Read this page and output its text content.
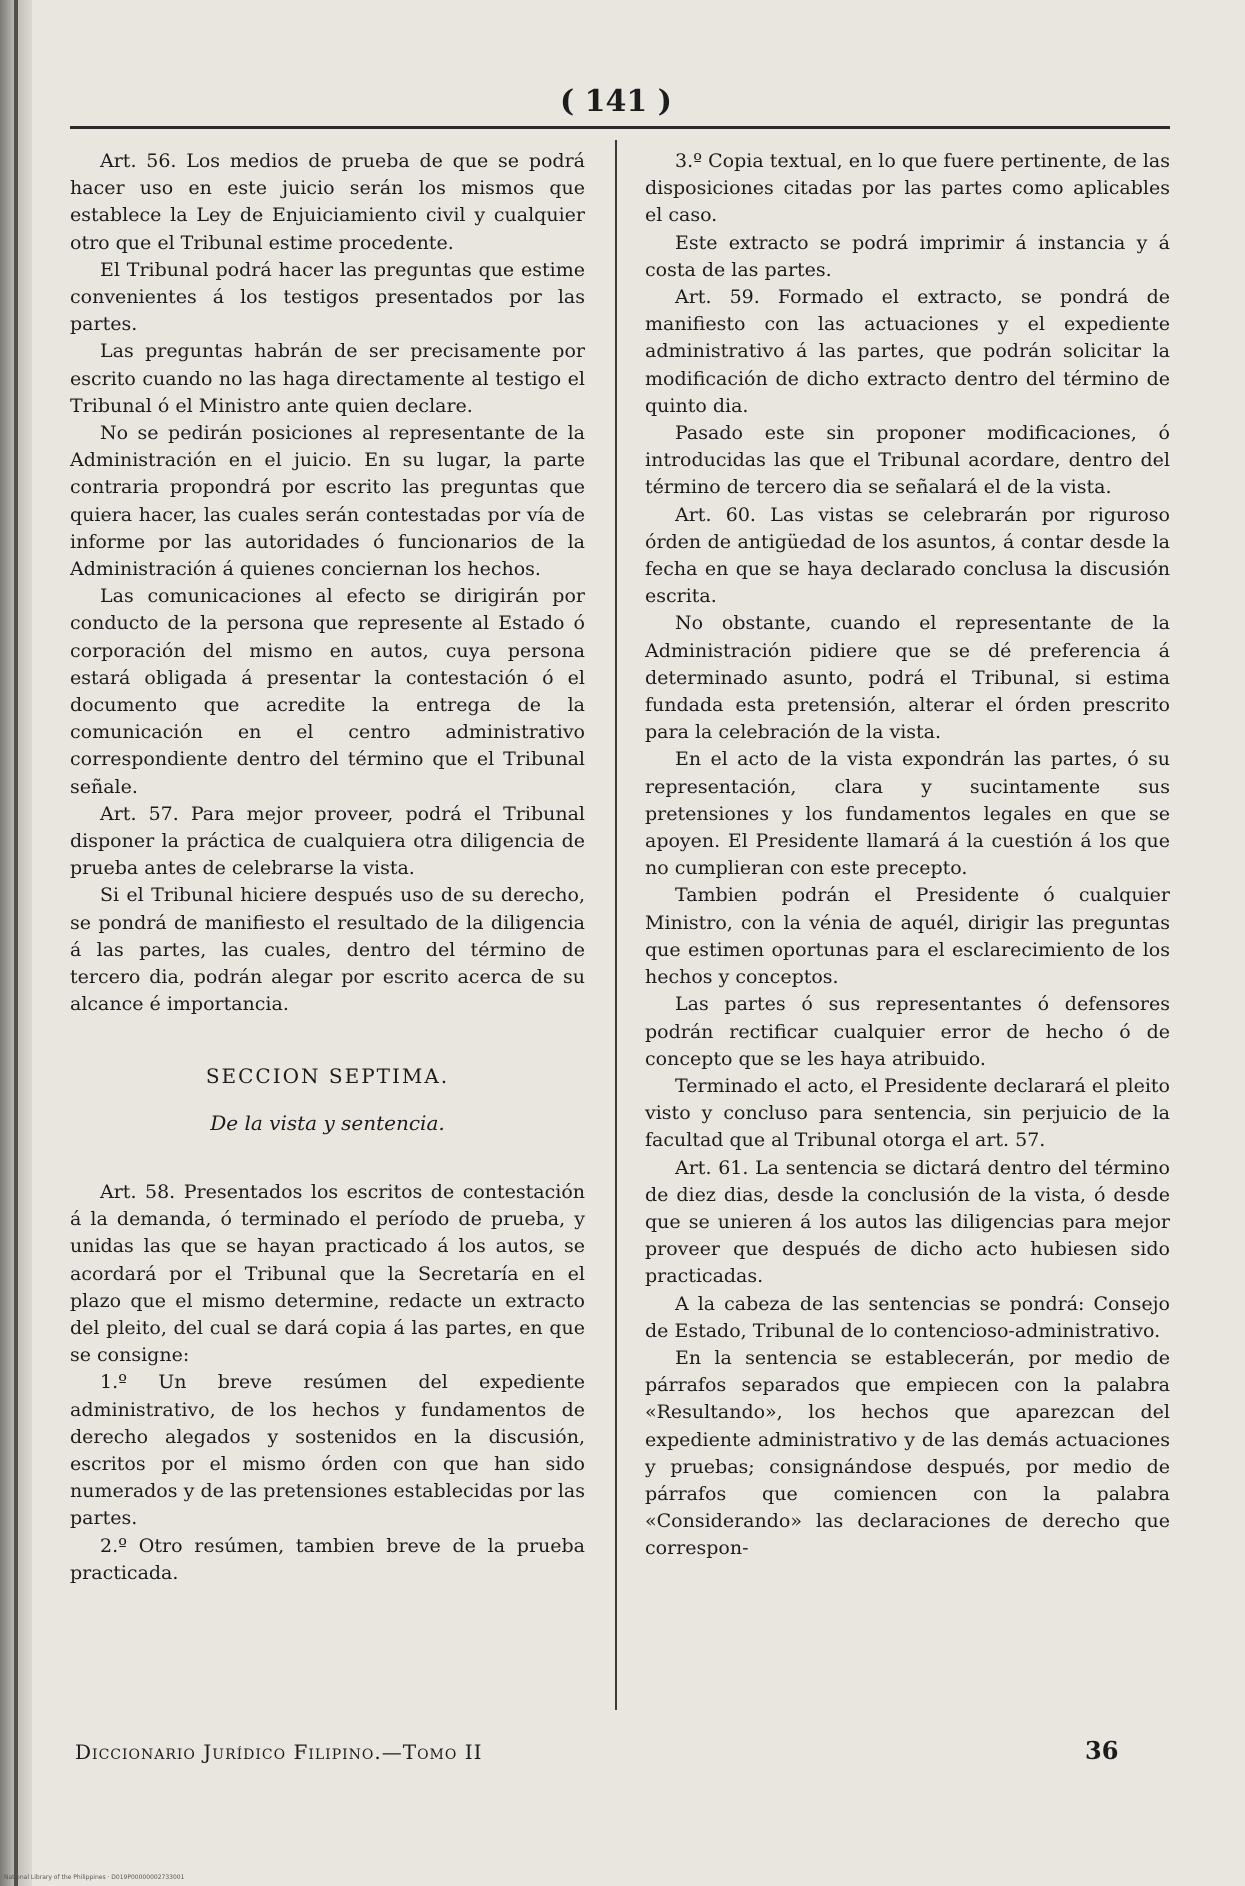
( 141 )

Art. 56. Los medios de prueba de que se podrá hacer uso en este juicio serán los mismos que establece la Ley de Enjuiciamiento civil y cualquier otro que el Tribunal estime procedente.

El Tribunal podrá hacer las preguntas que estime convenientes á los testigos presentados por las partes.

Las preguntas habrán de ser precisamente por escrito cuando no las haga directamente al testigo el Tribunal ó el Ministro ante quien declare.

No se pedirán posiciones al representante de la Administración en el juicio. En su lugar, la parte contraria propondrá por escrito las preguntas que quiera hacer, las cuales serán contestadas por vía de informe por las autoridades ó funcionarios de la Administración á quienes conciernan los hechos.

Las comunicaciones al efecto se dirigirán por conducto de la persona que represente al Estado ó corporación del mismo en autos, cuya persona estará obligada á presentar la contestación ó el documento que acredite la entrega de la comunicación en el centro administrativo correspondiente dentro del término que el Tribunal señale.

Art. 57. Para mejor proveer, podrá el Tribunal disponer la práctica de cualquiera otra diligencia de prueba antes de celebrarse la vista.

Si el Tribunal hiciere después uso de su derecho, se pondrá de manifiesto el resultado de la diligencia á las partes, las cuales, dentro del término de tercero dia, podrán alegar por escrito acerca de su alcance é importancia.

SECCION SEPTIMA.
De la vista y sentencia.

Art. 58. Presentados los escritos de contestación á la demanda, ó terminado el período de prueba, y unidas las que se hayan practicado á los autos, se acordará por el Tribunal que la Secretaría en el plazo que el mismo determine, redacte un extracto del pleito, del cual se dará copia á las partes, en que se consigne:

1.º Un breve resúmen del expediente administrativo, de los hechos y fundamentos de derecho alegados y sostenidos en la discusión, escritos por el mismo órden con que han sido numerados y de las pretensiones establecidas por las partes.

2.º Otro resúmen, tambien breve de la prueba practicada.

3.º Copia textual, en lo que fuere pertinente, de las disposiciones citadas por las partes como aplicables el caso.

Este extracto se podrá imprimir á instancia y á costa de las partes.

Art. 59. Formado el extracto, se pondrá de manifiesto con las actuaciones y el expediente administrativo á las partes, que podrán solicitar la modificación de dicho extracto dentro del término de quinto dia.

Pasado este sin proponer modificaciones, ó introducidas las que el Tribunal acordare, dentro del término de tercero dia se señalará el de la vista.

Art. 60. Las vistas se celebrarán por riguroso órden de antigüedad de los asuntos, á contar desde la fecha en que se haya declarado conclusa la discusión escrita.

No obstante, cuando el representante de la Administración pidiere que se dé preferencia á determinado asunto, podrá el Tribunal, si estima fundada esta pretensión, alterar el órden prescrito para la celebración de la vista.

En el acto de la vista expondrán las partes, ó su representación, clara y sucintamente sus pretensiones y los fundamentos legales en que se apoyen. El Presidente llamará á la cuestión á los que no cumplieran con este precepto.

Tambien podrán el Presidente ó cualquier Ministro, con la vénia de aquél, dirigir las preguntas que estimen oportunas para el esclarecimiento de los hechos y conceptos.

Las partes ó sus representantes ó defensores podrán rectificar cualquier error de hecho ó de concepto que se les haya atribuido.

Terminado el acto, el Presidente declarará el pleito visto y concluso para sentencia, sin perjuicio de la facultad que al Tribunal otorga el art. 57.

Art. 61. La sentencia se dictará dentro del término de diez dias, desde la conclusión de la vista, ó desde que se unieren á los autos las diligencias para mejor proveer que después de dicho acto hubiesen sido practicadas.

A la cabeza de las sentencias se pondrá: Consejo de Estado, Tribunal de lo contencioso-administrativo.

En la sentencia se establecerán, por medio de párrafos separados que empiecen con la palabra «Resultando», los hechos que aparezcan del expediente administrativo y de las demás actuaciones y pruebas; consignándose después, por medio de párrafos que comiencen con la palabra «Considerando» las declaraciones de derecho que correspon-

Diccionario Jurídico Filipino.—Tomo II	36
National Library of the Philippines · D019P00000002733001
